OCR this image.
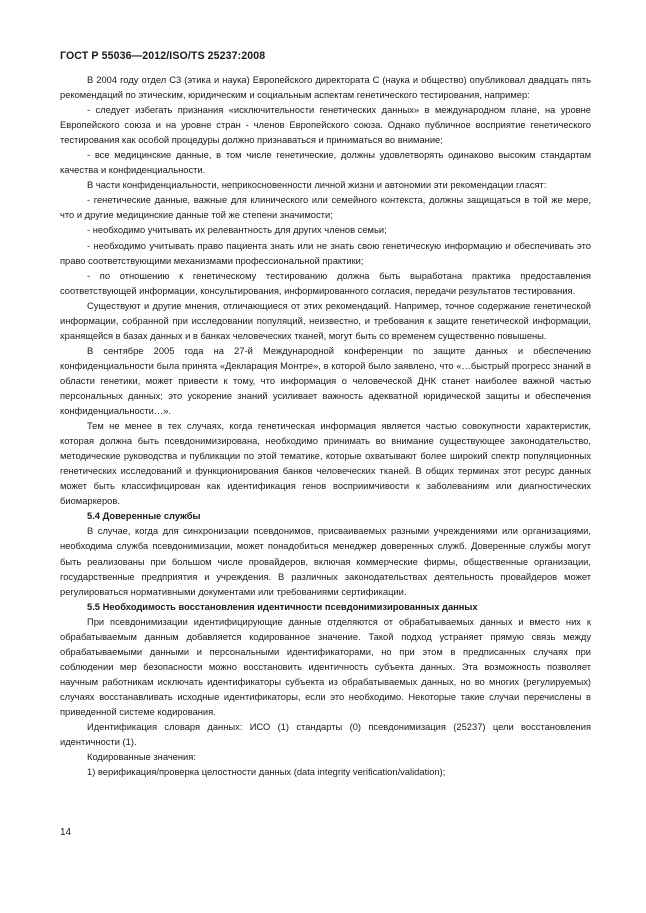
ГОСТ Р 55036—2012/ISO/TS 25237:2008

В 2004 году отдел С3 (этика и наука) Европейского директората С (наука и общество) опубликовал двадцать пять рекомендаций по этическим, юридическим и социальным аспектам генетического тестирования, например:

- следует избегать признания «исключительности генетических данных» в международном плане, на уровне Европейского союза и на уровне стран - членов Европейского союза. Однако публичное восприятие генетического тестирования как особой процедуры должно признаваться и приниматься во внимание;

- все медицинские данные, в том числе генетические, должны удовлетворять одинаково высоким стандартам качества и конфиденциальности.

В части конфиденциальности, неприкосновенности личной жизни и автономии эти рекомендации гласят:

- генетические данные, важные для клинического или семейного контекста, должны защищаться в той же мере, что и другие медицинские данные той же степени значимости;

- необходимо учитывать их релевантность для других членов семьи;

- необходимо учитывать право пациента знать или не знать свою генетическую информацию и обеспечивать это право соответствующими механизмами профессиональной практики;

- по отношению к генетическому тестированию должна быть выработана практика предоставления соответствующей информации, консультирования, информированного согласия, передачи результатов тестирования.

Существуют и другие мнения, отличающиеся от этих рекомендаций. Например, точное содержание генетической информации, собранной при исследовании популяций, неизвестно, и требования к защите генетической информации, хранящейся в базах данных и в банках человеческих тканей, могут быть со временем существенно повышены.

В сентябре 2005 года на 27-й Международной конференции по защите данных и обеспечению конфиденциальности была принята «Декларация Монтре», в которой было заявлено, что «…быстрый прогресс знаний в области генетики, может привести к тому, что информация о человеческой ДНК станет наиболее важной частью персональных данных; это ускорение знаний усиливает важность адекватной юридической защиты и обеспечения конфиденциальности…».

Тем не менее в тех случаях, когда генетическая информация является частью совокупности характеристик, которая должна быть псевдонимизирована, необходимо принимать во внимание существующее законодательство, методические руководства и публикации по этой тематике, которые охватывают более широкий спектр популяционных генетических исследований и функционирования банков человеческих тканей. В общих терминах этот ресурс данных может быть классифицирован как идентификация генов восприимчивости к заболеваниям или диагностических биомаркеров.

5.4 Доверенные службы

В случае, когда для синхронизации псевдонимов, присваиваемых разными учреждениями или организациями, необходима служба псевдонимизации, может понадобиться менеджер доверенных служб. Доверенные службы могут быть реализованы при большом числе провайдеров, включая коммерческие фирмы, общественные организации, государственные предприятия и учреждения. В различных законодательствах деятельность провайдеров может регулироваться нормативными документами или требованиями сертификации.

5.5 Необходимость восстановления идентичности псевдонимизированных данных

При псевдонимизации идентифицирующие данные отделяются от обрабатываемых данных и вместо них к обрабатываемым данным добавляется кодированное значение. Такой подход устраняет прямую связь между обрабатываемыми данными и персональными идентификаторами, но при этом в предписанных случаях при соблюдении мер безопасности можно восстановить идентичность субъекта данных. Эта возможность позволяет научным работникам исключать идентификаторы субъекта из обрабатываемых данных, но во многих (регулируемых) случаях восстанавливать исходные идентификаторы, если это необходимо. Некоторые такие случаи перечислены в приведенной системе кодирования.

Идентификация словаря данных: ИСО (1) стандарты (0) псевдонимизация (25237) цели восстановления идентичности (1).

Кодированные значения:

1) верификация/проверка целостности данных (data integrity verification/validation);

14
